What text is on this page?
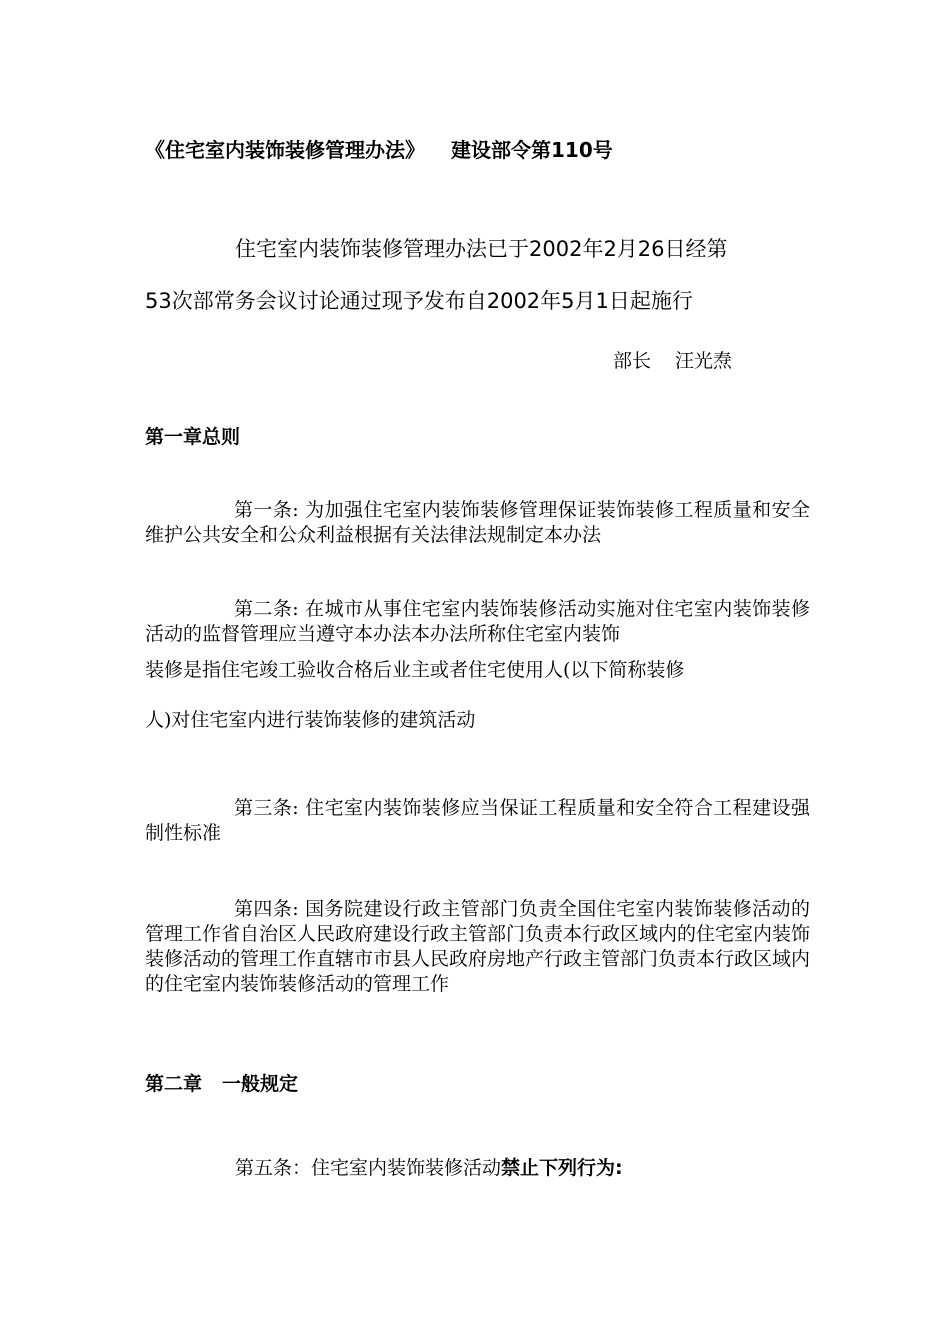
《住宅室内装饰装修管理办法》 建设部令第110号
住宅室内装饰装修管理办法已于2002年2月26日经第
53次部常务会议讨论通过现予发布自2002年5月1日起施行
部长 汪光焘
第一章总则
第一条: 为加强住宅室内装饰装修管理保证装饰装修工程质量和安全维护公共安全和公众利益根据有关法律法规制定本办法
第二条: 在城市从事住宅室内装饰装修活动实施对住宅室内装饰装修活动的监督管理应当遵守本办法本办法所称住宅室内装饰
装修是指住宅竣工验收合格后业主或者住宅使用人(以下简称装修
人)对住宅室内进行装饰装修的建筑活动
第三条: 住宅室内装饰装修应当保证工程质量和安全符合工程建设强制性标准
第四条: 国务院建设行政主管部门负责全国住宅室内装饰装修活动的管理工作省自治区人民政府建设行政主管部门负责本行政区域内的住宅室内装饰装修活动的管理工作直辖市市县人民政府房地产行政主管部门负责本行政区域内的住宅室内装饰装修活动的管理工作
第二章 一般规定
第五条：住宅室内装饰装修活动禁止下列行为:
